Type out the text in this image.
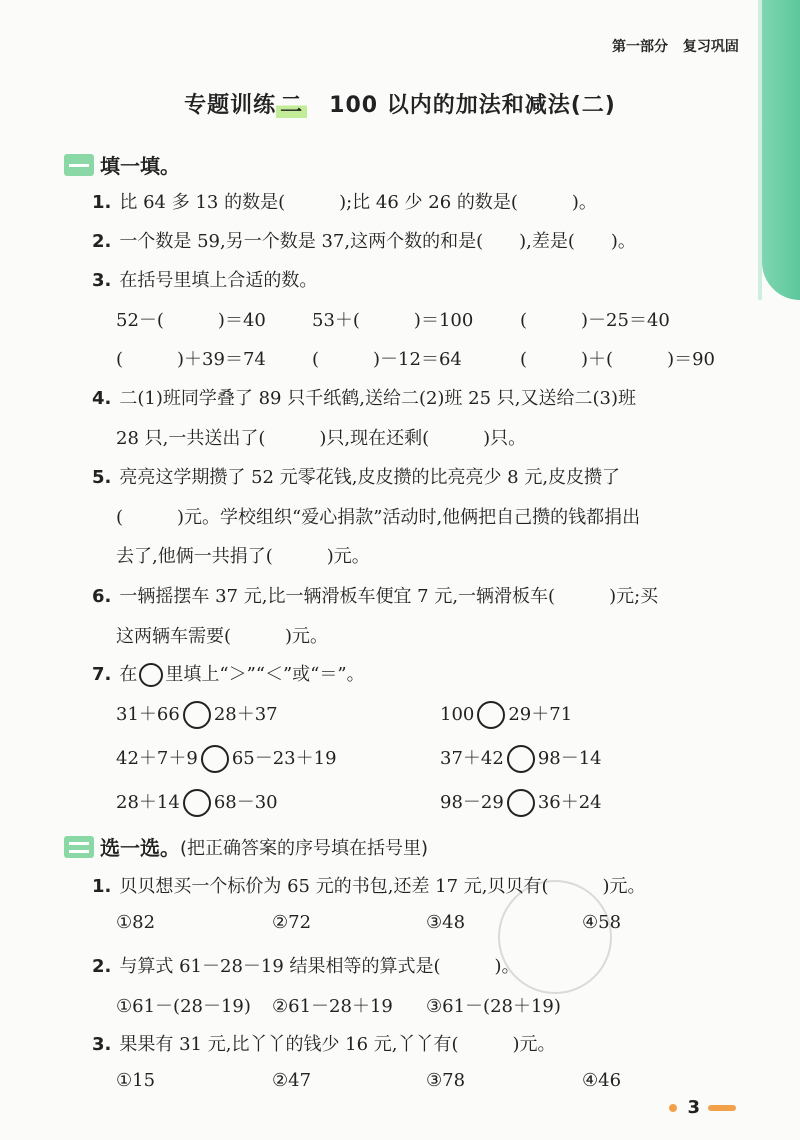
第一部分 复习巩固
专题训练 二 100 以内的加法和减法(二)
填一填。
1. 比 64 多 13 的数是(　　　);比 46 少 26 的数是(　　　)。
2. 一个数是 59,另一个数是 37,这两个数的和是(　　),差是(　　)。
3. 在括号里填上合适的数。
52－(　　　)＝40	53＋(　　　)＝100	(　　　)－25＝40
(　　　)＋39＝74	(　　　)－12＝64	(　　　)＋(　　　)＝90
4. 二(1)班同学叠了 89 只千纸鹤,送给二(2)班 25 只,又送给二(3)班
28 只,一共送出了(　　　)只,现在还剩(　　　)只。
5. 亮亮这学期攒了 52 元零花钱,皮皮攒的比亮亮少 8 元,皮皮攒了
(　　　)元。学校组织“爱心捐款”活动时,他俩把自己攒的钱都捐出
去了,他俩一共捐了(　　　)元。
6. 一辆摇摆车 37 元,比一辆滑板车便宜 7 元,一辆滑板车(　　　)元;买
这两辆车需要(　　　)元。
7. 在 里填上“＞”“＜”或“＝”。
31＋66 28＋37	100 29＋71
42＋7＋9 65－23＋19	37＋42 98－14
28＋14 68－30	98－29 36＋24
选一选。 (把正确答案的序号填在括号里)
1. 贝贝想买一个标价为 65 元的书包,还差 17 元,贝贝有(　　　)元。
①82	②72	③48	④58
2. 与算式 61－28－19 结果相等的算式是(　　　)。
①61－(28－19) ②61－28＋19 ③61－(28＋19)
3. 果果有 31 元,比丫丫的钱少 16 元,丫丫有(　　　)元。
①15	②47	③78	④46
3
